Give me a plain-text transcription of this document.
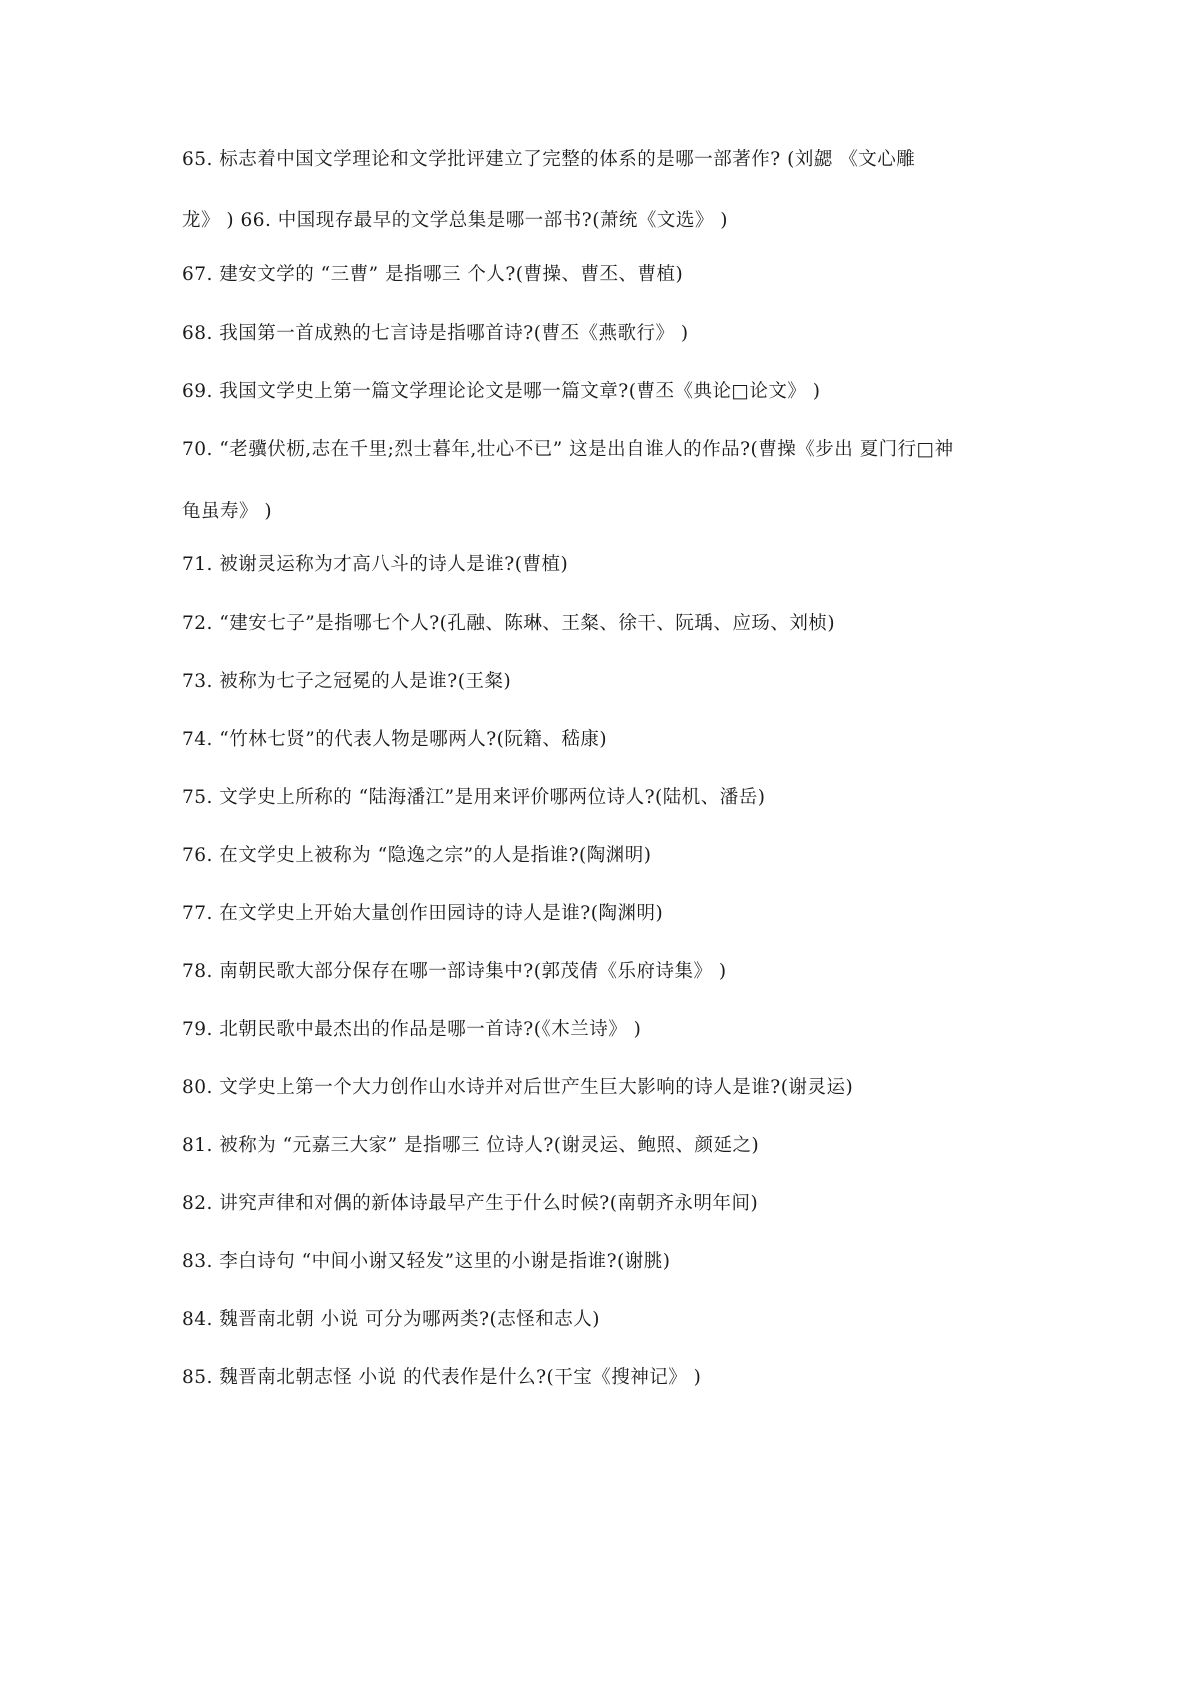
65. 标志着中国文学理论和文学批评建立了完整的体系的是哪一部著作? (刘勰 《文心雕
龙》 ) 66. 中国现存最早的文学总集是哪一部书?(萧统《文选》 )
67. 建安文学的 “三曹” 是指哪三 个人?(曹操、曹丕、曹植)
68. 我国第一首成熟的七言诗是指哪首诗?(曹丕《燕歌行》 )
69. 我国文学史上第一篇文学理论论文是哪一篇文章?(曹丕《典论□论文》 )
70. “老骥伏枥,志在千里;烈士暮年,壮心不已” 这是出自谁人的作品?(曹操《步出 夏门行□神
龟虽寿》 )
71. 被谢灵运称为才高八斗的诗人是谁?(曹植)
72. “建安七子”是指哪七个人?(孔融、陈琳、王粲、徐干、阮瑀、应玚、刘桢)
73. 被称为七子之冠冕的人是谁?(王粲)
74. “竹林七贤”的代表人物是哪两人?(阮籍、嵇康)
75. 文学史上所称的 “陆海潘江”是用来评价哪两位诗人?(陆机、潘岳)
76. 在文学史上被称为 “隐逸之宗”的人是指谁?(陶渊明)
77. 在文学史上开始大量创作田园诗的诗人是谁?(陶渊明)
78. 南朝民歌大部分保存在哪一部诗集中?(郭茂倩《乐府诗集》 )
79. 北朝民歌中最杰出的作品是哪一首诗?(《木兰诗》 )
80. 文学史上第一个大力创作山水诗并对后世产生巨大影响的诗人是谁?(谢灵运)
81. 被称为 “元嘉三大家” 是指哪三 位诗人?(谢灵运、鲍照、颜延之)
82. 讲究声律和对偶的新体诗最早产生于什么时候?(南朝齐永明年间)
83. 李白诗句 “中间小谢又轻发”这里的小谢是指谁?(谢朓)
84. 魏晋南北朝 小说 可分为哪两类?(志怪和志人)
85. 魏晋南北朝志怪 小说 的代表作是什么?(干宝《搜神记》 )
